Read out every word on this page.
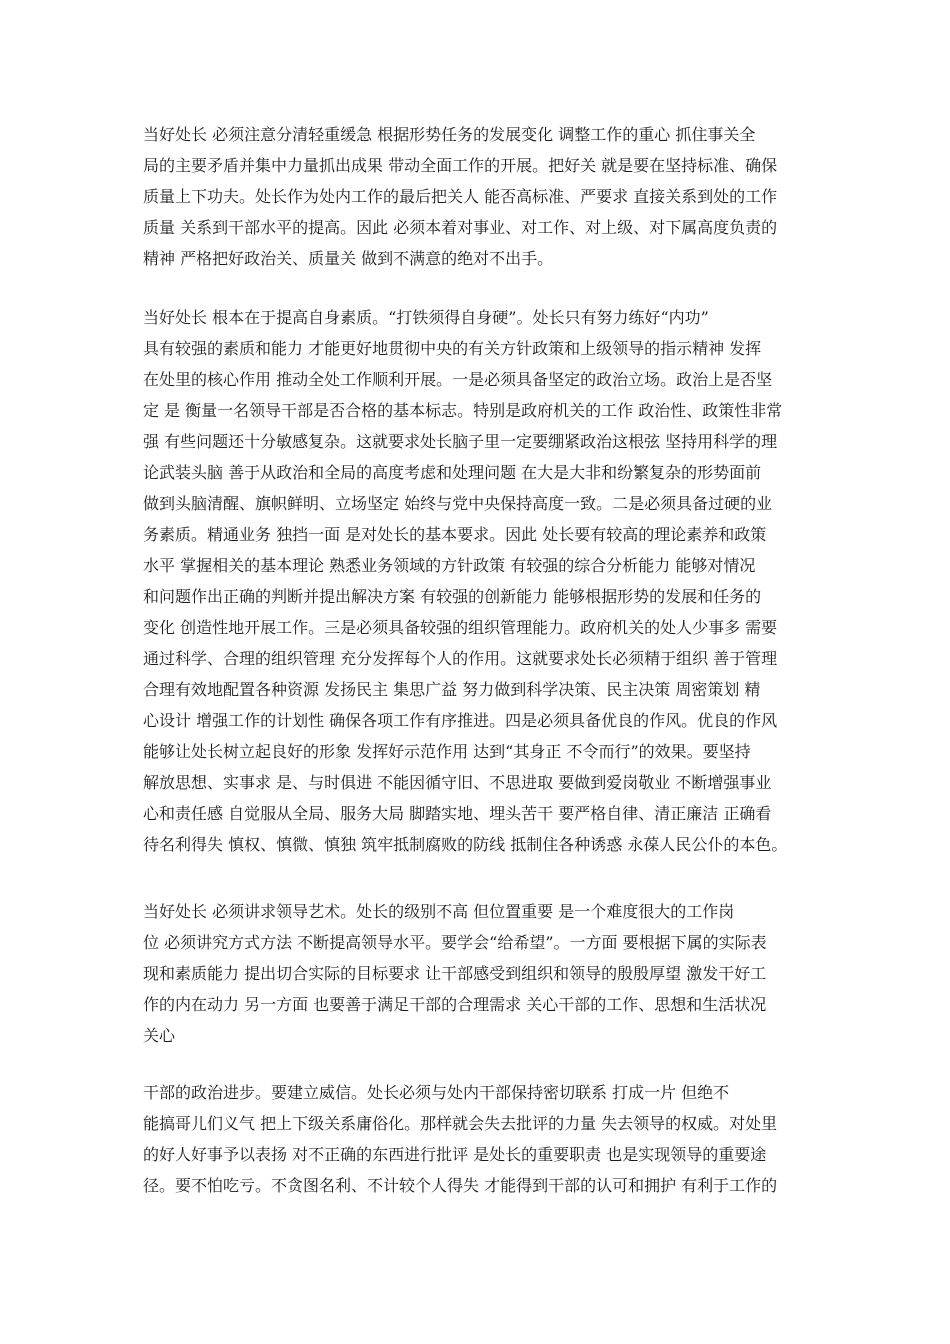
当好处长 必须注意分清轻重缓急 根据形势任务的发展变化 调整工作的重心 抓住事关全
局的主要矛盾并集中力量抓出成果 带动全面工作的开展。把好关 就是要在坚持标准、确保
质量上下功夫。处长作为处内工作的最后把关人 能否高标准、严要求 直接关系到处的工作
质量 关系到干部水平的提高。因此 必须本着对事业、对工作、对上级、对下属高度负责的
精神 严格把好政治关、质量关 做到不满意的绝对不出手。
当好处长 根本在于提高自身素质。“打铁须得自身硬”。处长只有努力练好“内功”
具有较强的素质和能力 才能更好地贯彻中央的有关方针政策和上级领导的指示精神 发挥
在处里的核心作用 推动全处工作顺利开展。一是必须具备坚定的政治立场。政治上是否坚
定 是 衡量一名领导干部是否合格的基本标志。特别是政府机关的工作 政治性、政策性非常
强 有些问题还十分敏感复杂。这就要求处长脑子里一定要绷紧政治这根弦 坚持用科学的理
论武装头脑 善于从政治和全局的高度考虑和处理问题 在大是大非和纷繁复杂的形势面前
做到头脑清醒、旗帜鲜明、立场坚定 始终与党中央保持高度一致。二是必须具备过硬的业
务素质。精通业务 独挡一面 是对处长的基本要求。因此 处长要有较高的理论素养和政策
水平 掌握相关的基本理论 熟悉业务领域的方针政策 有较强的综合分析能力 能够对情况
和问题作出正确的判断并提出解决方案 有较强的创新能力 能够根据形势的发展和任务的
变化 创造性地开展工作。三是必须具备较强的组织管理能力。政府机关的处人少事多 需要
通过科学、合理的组织管理 充分发挥每个人的作用。这就要求处长必须精于组织 善于管理
合理有效地配置各种资源 发扬民主 集思广益 努力做到科学决策、民主决策 周密策划 精
心设计 增强工作的计划性 确保各项工作有序推进。四是必须具备优良的作风。优良的作风
能够让处长树立起良好的形象 发挥好示范作用 达到“其身正 不令而行”的效果。要坚持
解放思想、实事求 是、与时俱进 不能因循守旧、不思进取 要做到爱岗敬业 不断增强事业
心和责任感 自觉服从全局、服务大局 脚踏实地、埋头苦干 要严格自律、清正廉洁 正确看
待名利得失 慎权、慎微、慎独 筑牢抵制腐败的防线 抵制住各种诱惑 永葆人民公仆的本色。
当好处长 必须讲求领导艺术。处长的级别不高 但位置重要 是一个难度很大的工作岗
位 必须讲究方式方法 不断提高领导水平。要学会“给希望”。一方面 要根据下属的实际表
现和素质能力 提出切合实际的目标要求 让干部感受到组织和领导的殷殷厚望 激发干好工
作的内在动力 另一方面 也要善于满足干部的合理需求 关心干部的工作、思想和生活状况
关心
干部的政治进步。要建立威信。处长必须与处内干部保持密切联系 打成一片 但绝不
能搞哥儿们义气 把上下级关系庸俗化。那样就会失去批评的力量 失去领导的权威。对处里
的好人好事予以表扬 对不正确的东西进行批评 是处长的重要职责 也是实现领导的重要途
径。要不怕吃亏。不贪图名利、不计较个人得失 才能得到干部的认可和拥护 有利于工作的
